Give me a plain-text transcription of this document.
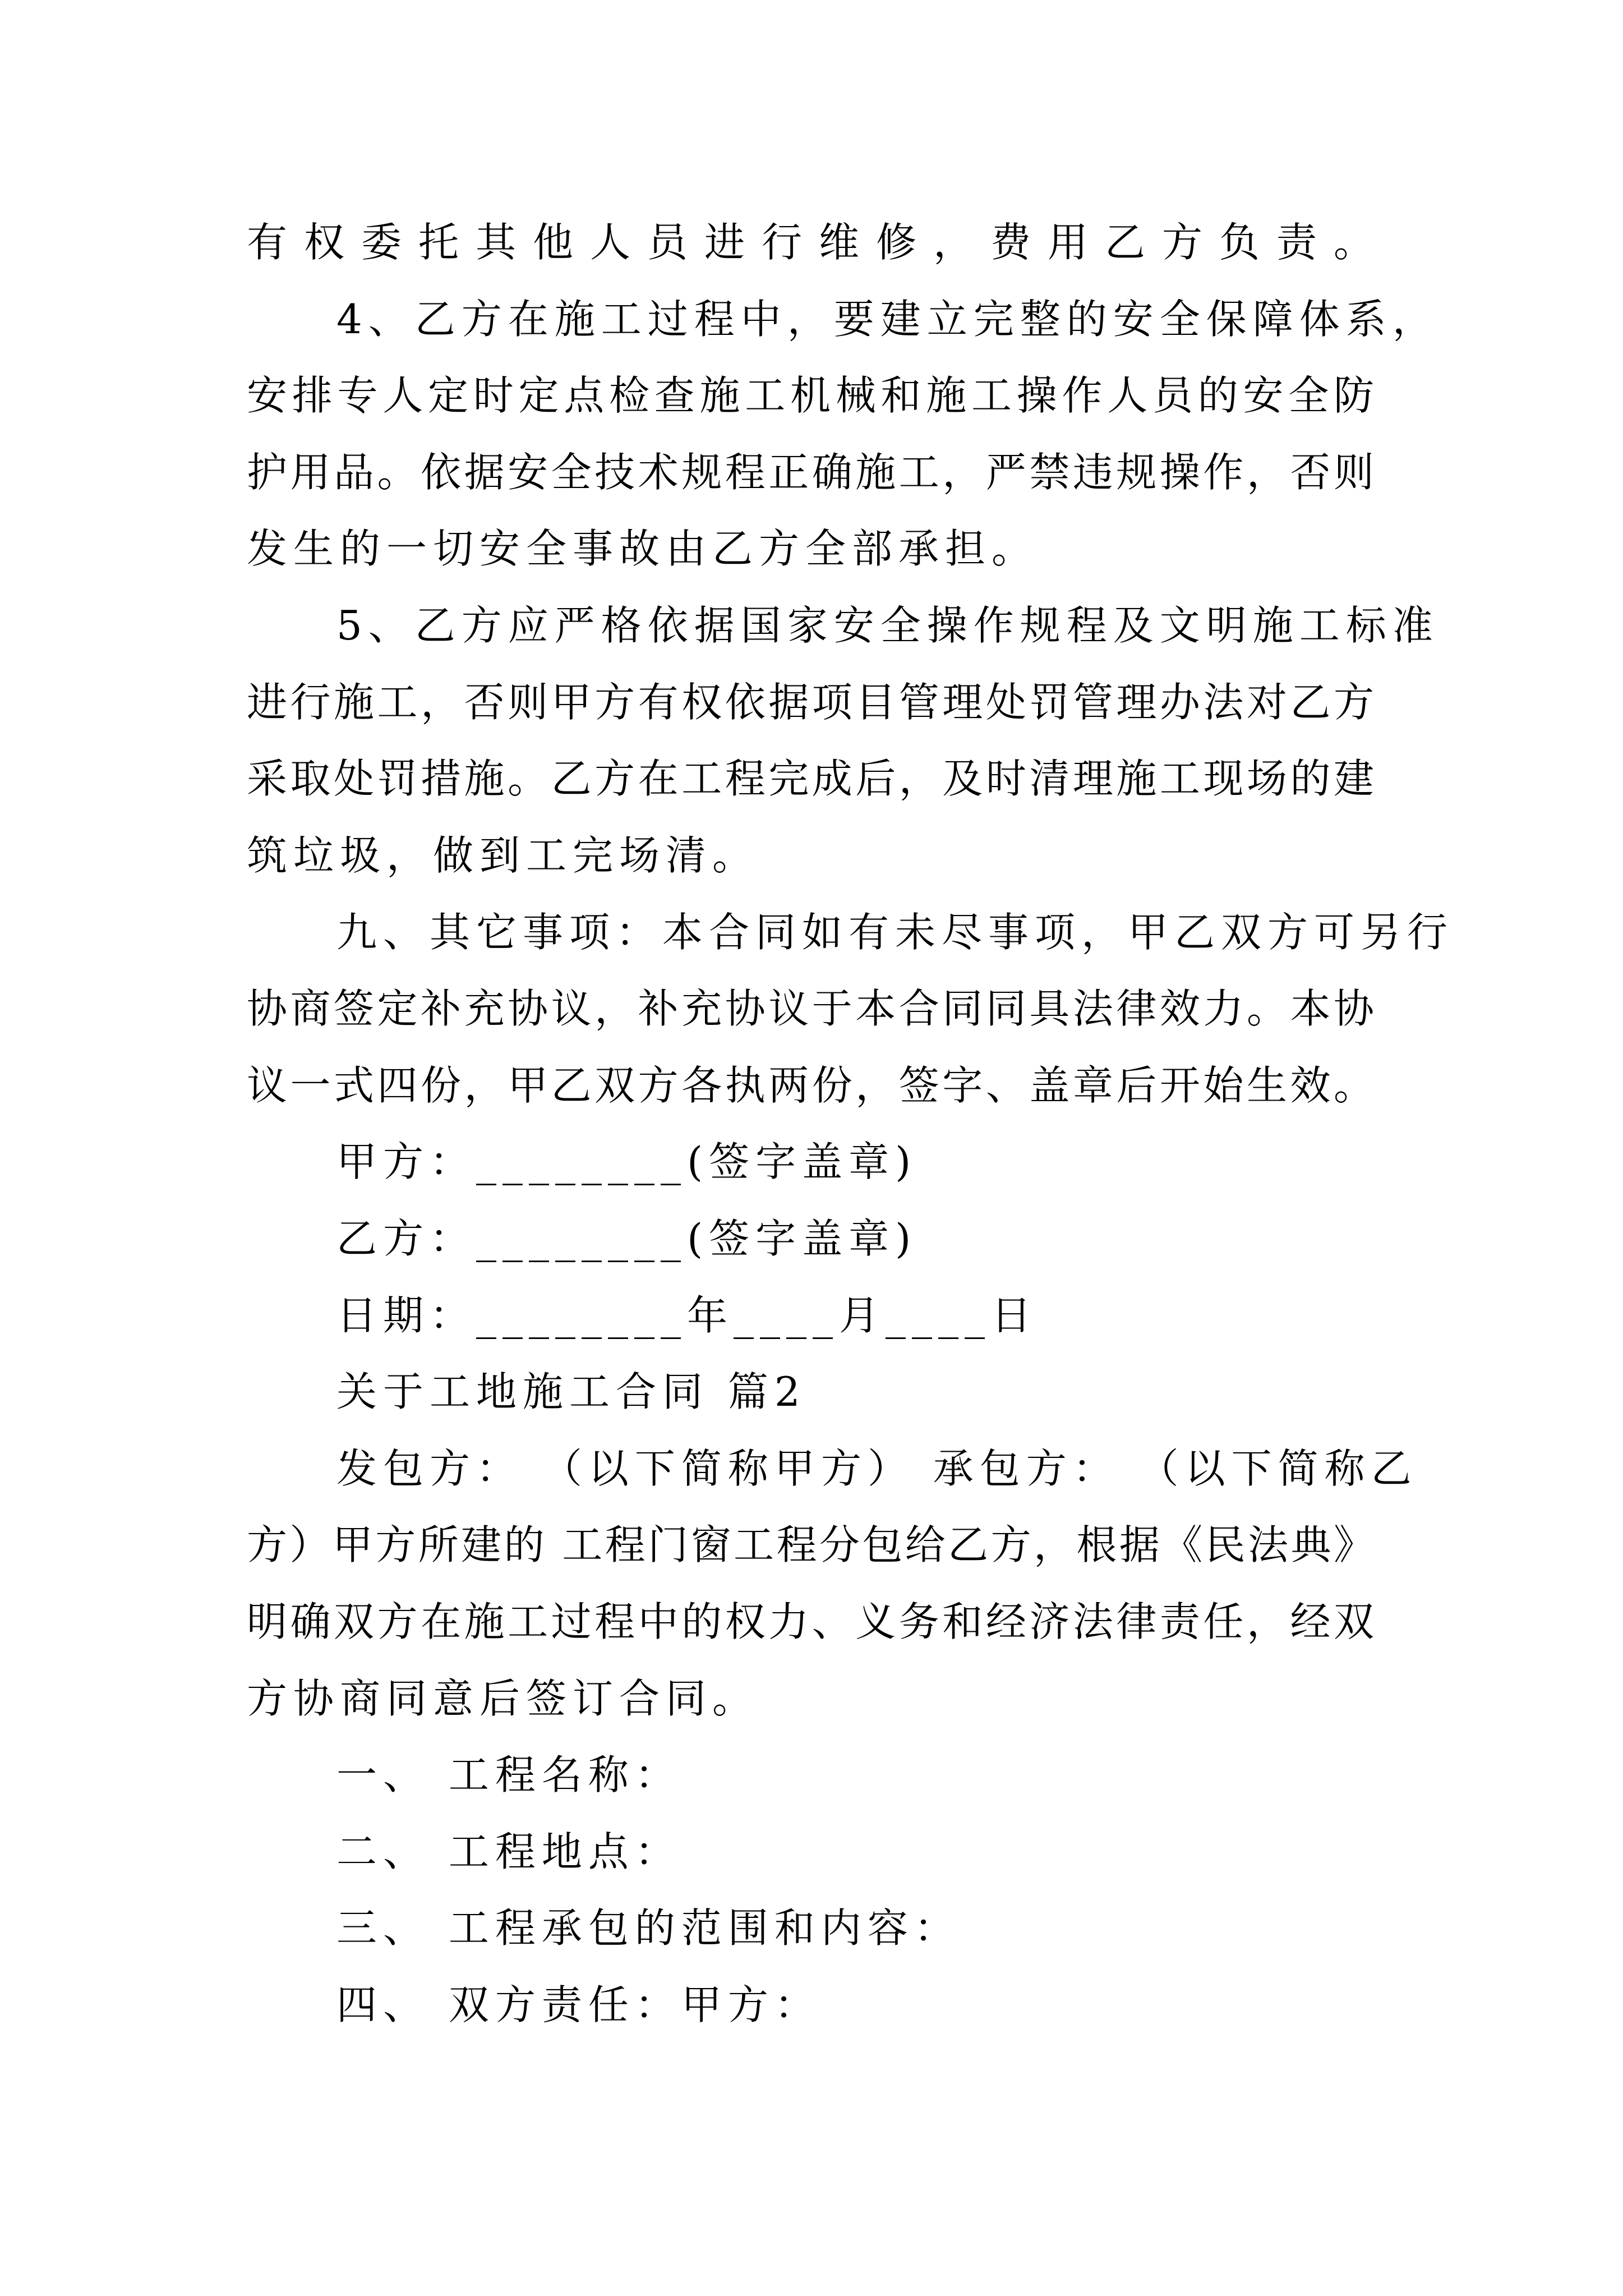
有权委托其他人员进行维修，费用乙方负责。
4、乙方在施工过程中，要建立完整的安全保障体系，
安排专人定时定点检查施工机械和施工操作人员的安全防
护用品。依据安全技术规程正确施工，严禁违规操作，否则
发生的一切安全事故由乙方全部承担。
5、乙方应严格依据国家安全操作规程及文明施工标准
进行施工，否则甲方有权依据项目管理处罚管理办法对乙方
采取处罚措施。乙方在工程完成后，及时清理施工现场的建
筑垃圾，做到工完场清。
九、其它事项：本合同如有未尽事项，甲乙双方可另行
协商签定补充协议，补充协议于本合同同具法律效力。本协
议一式四份，甲乙双方各执两份，签字、盖章后开始生效。
甲方：________(签字盖章)
乙方：________(签字盖章)
日期：________年____月____日
关于工地施工合同 篇2
发包方： （以下简称甲方） 承包方： （以下简称乙
方）甲方所建的 工程门窗工程分包给乙方，根据《民法典》
明确双方在施工过程中的权力、义务和经济法律责任，经双
方协商同意后签订合同。
一、 工程名称：
二、 工程地点：
三、 工程承包的范围和内容：
四、 双方责任：甲方：
